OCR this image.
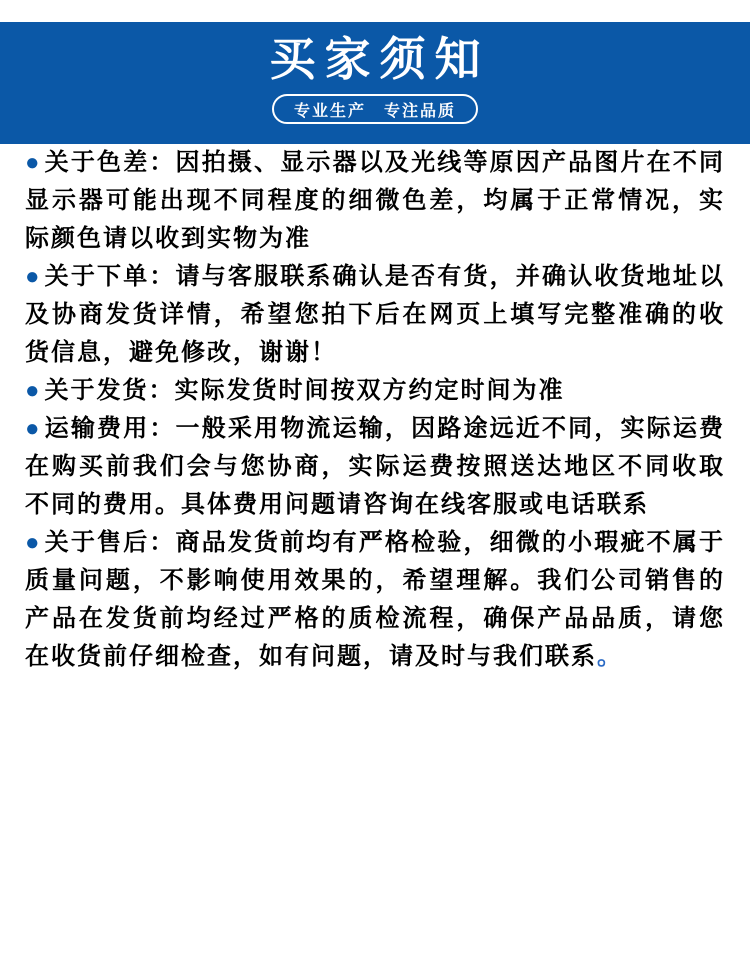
买家须知
专业生产　专注品质

● 关于色差：因拍摄、显示器以及光线等原因产品图片在不同显示器可能出现不同程度的细微色差，均属于正常情况，实际颜色请以收到实物为准

● 关于下单：请与客服联系确认是否有货，并确认收货地址以及协商发货详情，希望您拍下后在网页上填写完整准确的收货信息，避免修改，谢谢！

● 关于发货：实际发货时间按双方约定时间为准

● 运输费用：一般采用物流运输，因路途远近不同，实际运费在购买前我们会与您协商，实际运费按照送达地区不同收取不同的费用。具体费用问题请咨询在线客服或电话联系

● 关于售后：商品发货前均有严格检验，细微的小瑕疵不属于质量问题，不影响使用效果的，希望理解。我们公司销售的产品在发货前均经过严格的质检流程，确保产品品质，请您在收货前仔细检查，如有问题，请及时与我们联系。
